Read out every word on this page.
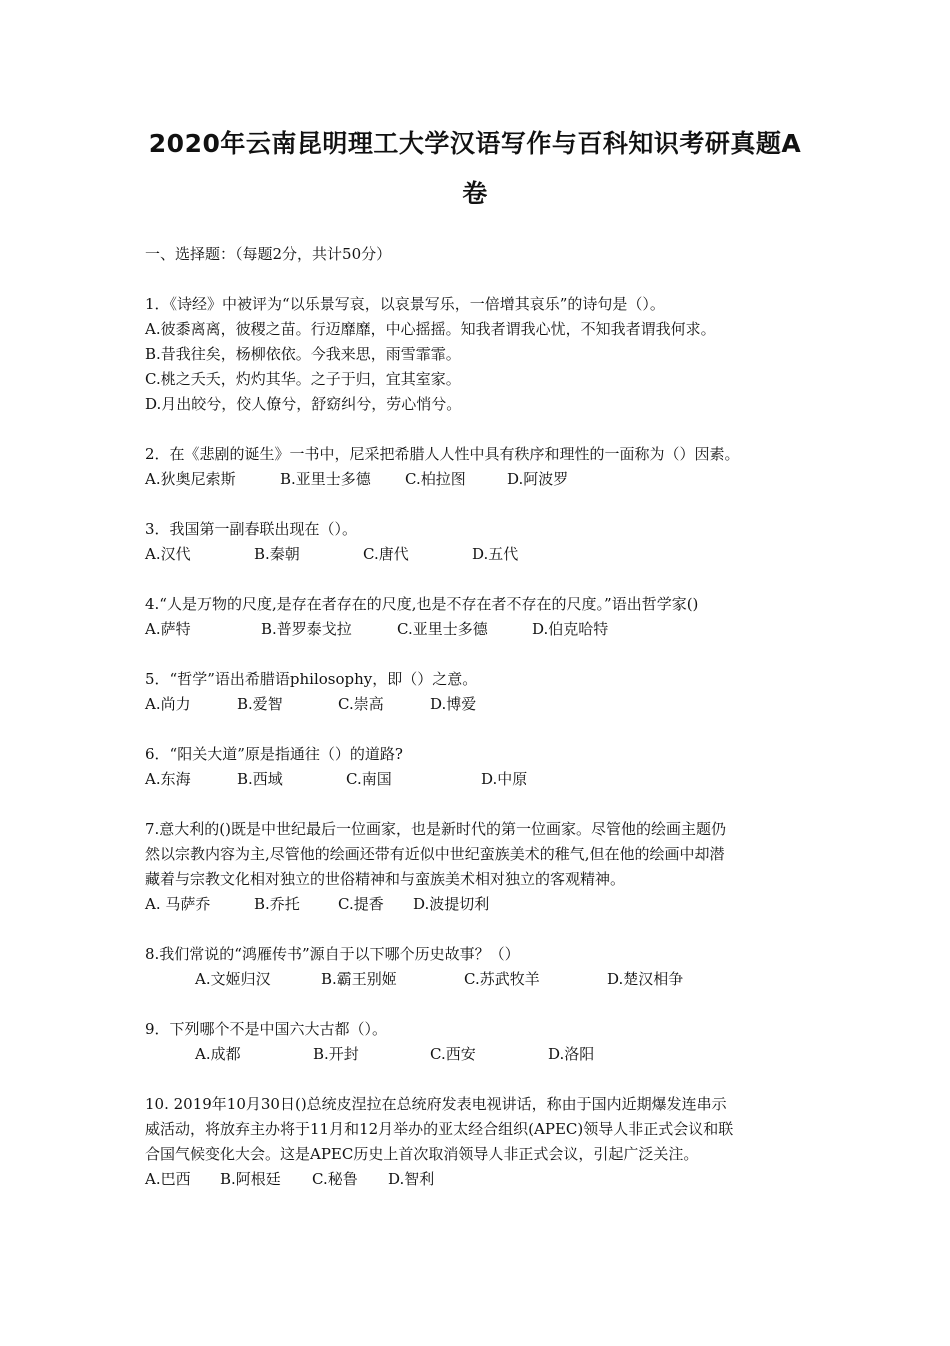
2020年云南昆明理工大学汉语写作与百科知识考研真题A
卷
一、选择题：（每题2分，共计50分）
1．《诗经》中被评为“以乐景写哀，以哀景写乐，一倍增其哀乐”的诗句是（）。
A.彼黍离离，彼稷之苗。行迈靡靡，中心摇摇。知我者谓我心忧，不知我者谓我何求。
B.昔我往矣，杨柳依依。今我来思，雨雪霏霏。
C.桃之夭夭，灼灼其华。之子于归，宜其室家。
D.月出皎兮，佼人僚兮，舒窈纠兮，劳心悄兮。
2．在《悲剧的诞生》一书中，尼采把希腊人人性中具有秩序和理性的一面称为（）因素。
A.狄奥尼索斯	B.亚里士多德 C.柏拉图	D.阿波罗
3．我国第一副春联出现在（）。
A.汉代	B.秦朝	C.唐代	D.五代
4.“人是万物的尺度,是存在者存在的尺度,也是不存在者不存在的尺度。”语出哲学家()
A.萨特	B.普罗泰戈拉	C.亚里士多德	D.伯克哈特
5．“哲学”语出希腊语philosophy，即（）之意。
A.尚力	B.爱智	C.崇高	D.博爱
6．“阳关大道”原是指通往（）的道路?
A.东海	B.西域	C.南国	D.中原
7.意大利的()既是中世纪最后一位画家，也是新时代的第一位画家。尽管他的绘画主题仍
然以宗教内容为主,尽管他的绘画还带有近似中世纪蛮族美术的稚气,但在他的绘画中却潜
藏着与宗教文化相对独立的世俗精神和与蛮族美术相对独立的客观精神。
A. 马萨乔	B.乔托	C.提香 D.波提切利
8.我们常说的“鸿雁传书”源自于以下哪个历史故事？（）
A.文姬归汉	B.霸王别姬	C.苏武牧羊	D.楚汉相争
9．下列哪个不是中国六大古都（）。
A.成都	B.开封	C.西安	D.洛阳
10. 2019年10月30日()总统皮涅拉在总统府发表电视讲话，称由于国内近期爆发连串示
威活动，将放弃主办将于11月和12月举办的亚太经合组织(APEC)领导人非正式会议和联
合国气候变化大会。这是APEC历史上首次取消领导人非正式会议，引起广泛关注。
A.巴西 B.阿根廷 C.秘鲁 D.智利
